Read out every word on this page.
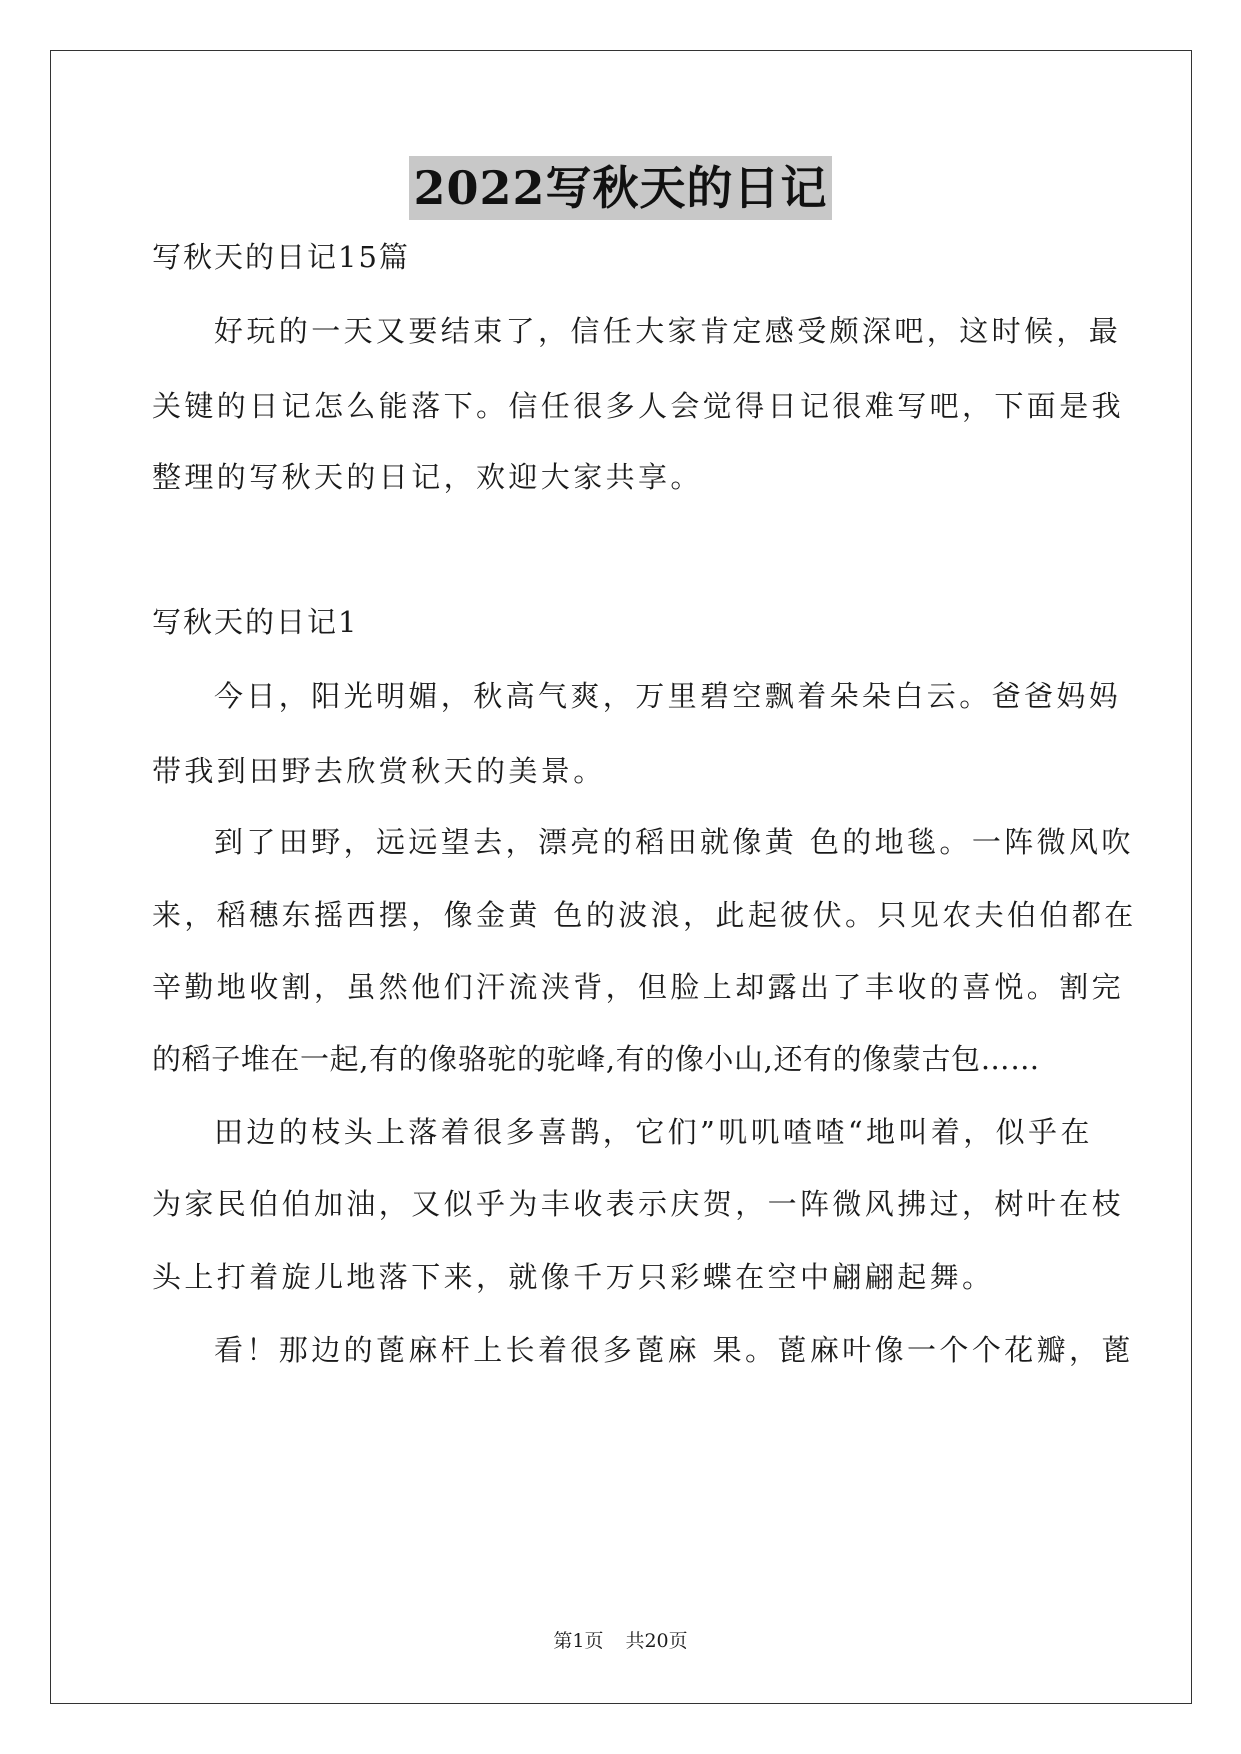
2022写秋天的日记
写秋天的日记15篇
好玩的一天又要结束了，信任大家肯定感受颇深吧，这时候，最
关键的日记怎么能落下。信任很多人会觉得日记很难写吧，下面是我
整理的写秋天的日记，欢迎大家共享。
写秋天的日记1
今日，阳光明媚，秋高气爽，万里碧空飘着朵朵白云。爸爸妈妈
带我到田野去欣赏秋天的美景。
到了田野，远远望去，漂亮的稻田就像黄 色的地毯。一阵微风吹
来，稻穗东摇西摆，像金黄 色的波浪，此起彼伏。只见农夫伯伯都在
辛勤地收割，虽然他们汗流浃背，但脸上却露出了丰收的喜悦。割完
的稻子堆在一起,有的像骆驼的驼峰,有的像小山,还有的像蒙古包……
田边的枝头上落着很多喜鹊，它们”叽叽喳喳“地叫着，似乎在
为家民伯伯加油，又似乎为丰收表示庆贺，一阵微风拂过，树叶在枝
头上打着旋儿地落下来，就像千万只彩蝶在空中翩翩起舞。
看！那边的蓖麻杆上长着很多蓖麻 果。蓖麻叶像一个个花瓣，蓖
第1页 共20页
